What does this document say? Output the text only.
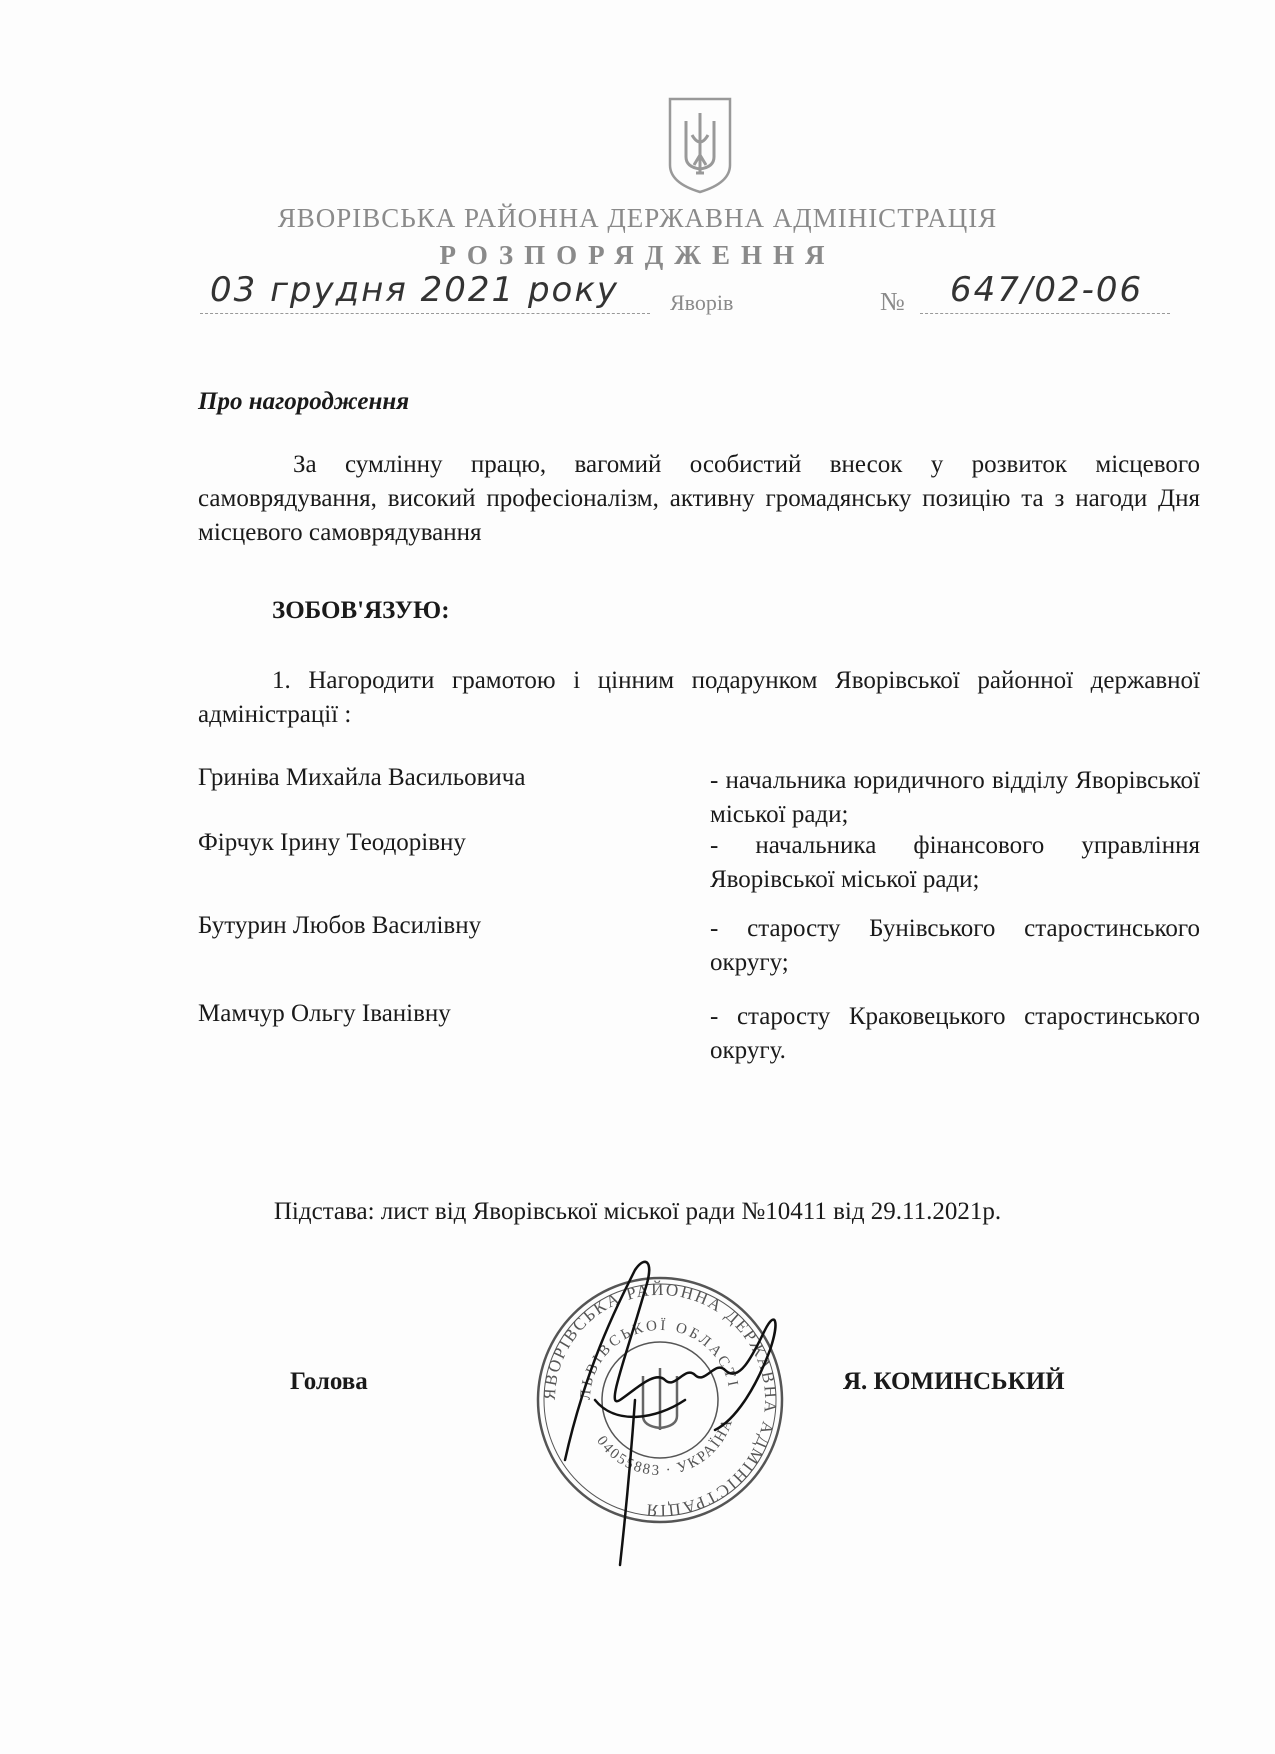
ЯВОРІВСЬКА РАЙОННА ДЕРЖАВНА АДМІНІСТРАЦІЯ
РОЗПОРЯДЖЕННЯ
03 грудня 2021 року Яворів	№ 647/02-06
Про нагородження

За сумлінну працю, вагомий особистий внесок у розвиток місцевого самоврядування, високий професіоналізм, активну громадянську позицію та з нагоди Дня місцевого самоврядування

ЗОБОВ'ЯЗУЮ:

1. Нагородити грамотою і цінним подарунком Яворівської районної державної адміністрації :

Гриніва Михайла Васильовича	- начальника юридичного відділу Яворівської міської ради;

Фірчук Ірину Теодорівну	- начальника фінансового управління Яворівської міської ради;

Бутурин Любов Василівну	- старосту Бунівського старостинського округу;

Мамчур Ольгу Іванівну	- старосту Краковецького старостинського округу.

Підстава: лист від Яворівської міської ради №10411 від 29.11.2021р.
Голова	ЯВОРІВСЬКА РАЙОННА ДЕРЖАВНА АДМІНІСТРАЦІЯ
ЛЬВІВСЬКОЇ ОБЛАСТІ
04055883 · УКРАЇНА
Я. КОМИНСЬКИЙ
